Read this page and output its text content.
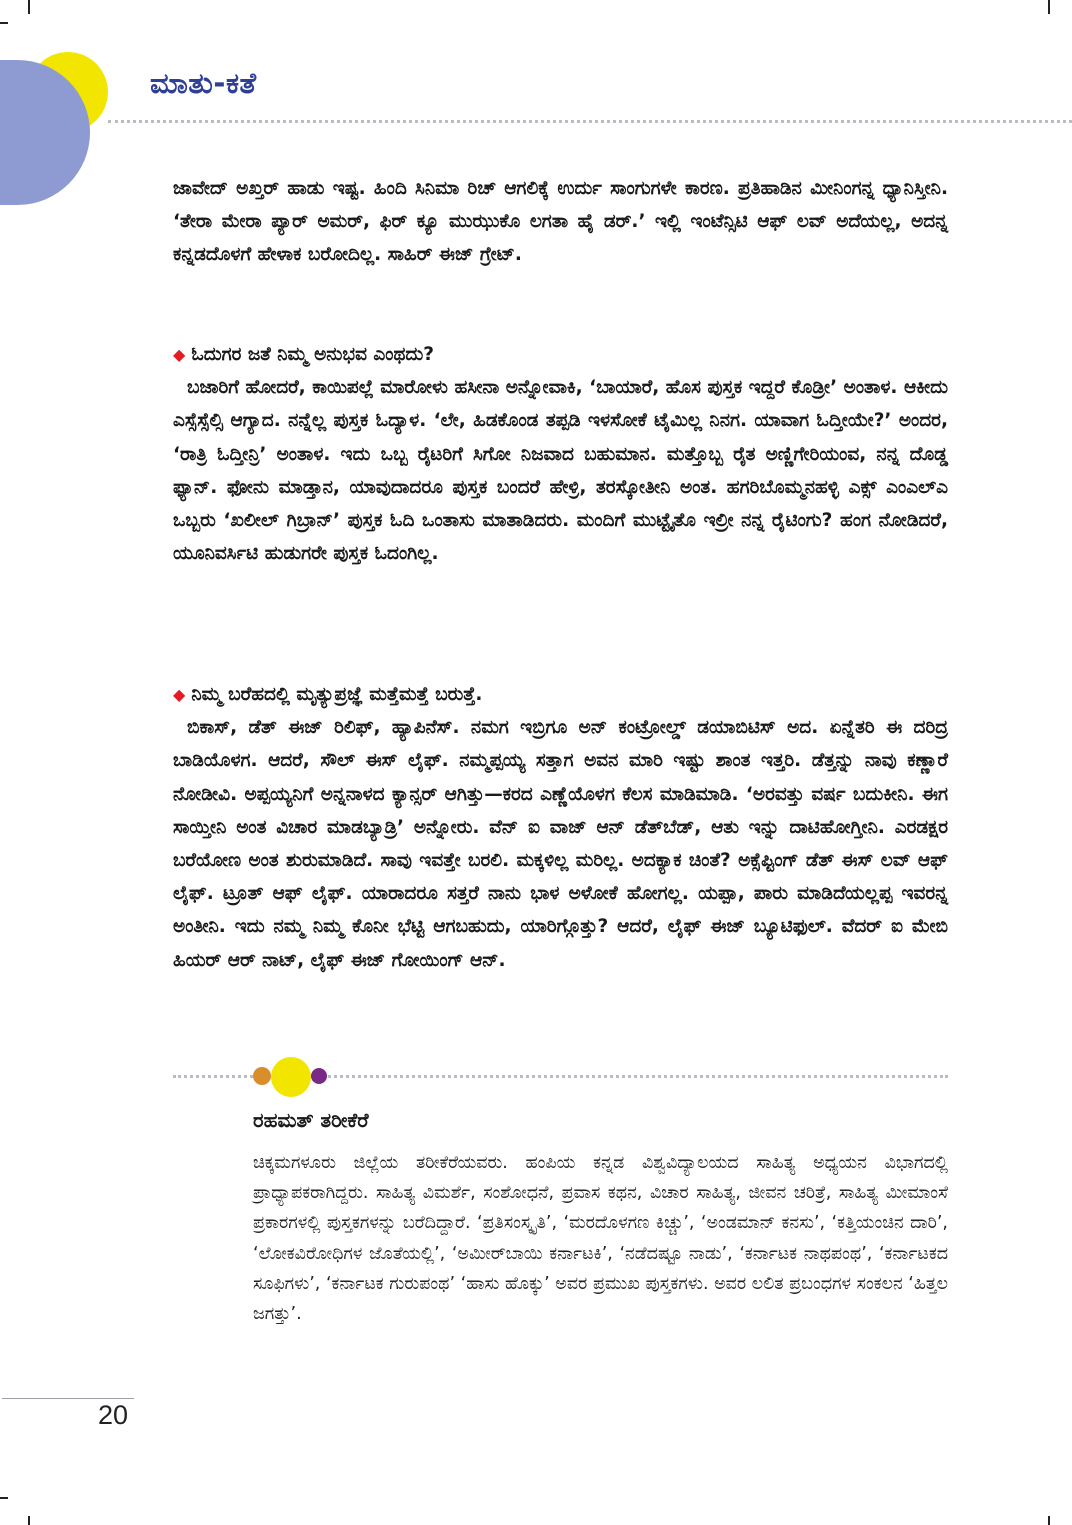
ಮಾತು-ಕತೆ
ಜಾವೇದ್ ಅಖ್ತರ್ ಹಾಡು ಇಷ್ಟ. ಹಿಂದಿ ಸಿನಿಮಾ ರಿಚ್ ಆಗಲಿಕ್ಕೆ ಉರ್ದು ಸಾಂಗುಗಳೇ ಕಾರಣ. ಪ್ರತಿಹಾಡಿನ ಮೀನಿಂಗನ್ನ ಧ್ಯಾನಿಸ್ತೀನಿ. ‘ತೇರಾ ಮೇರಾ ಪ್ಯಾರ್ ಅಮರ್, ಫಿರ್ ಕ್ಯೂ ಮುಝುಕೊ ಲಗತಾ ಹೈ ಡರ್.’ ಇಲ್ಲಿ ಇಂಟೆನ್ಸಿಟಿ ಆಫ್ ಲವ್ ಅದೆಯಲ್ಲ, ಅದನ್ನ ಕನ್ನಡದೊಳಗೆ ಹೇಳಾಕ ಬರೋದಿಲ್ಲ. ಸಾಹಿರ್ ಈಜ್ ಗ್ರೇಟ್.
◆ ಓದುಗರ ಜತೆ ನಿಮ್ಮ ಅನುಭವ ಎಂಥದು?
ಬಜಾರಿಗೆ ಹೋದರೆ, ಕಾಯಿಪಲ್ಲೆ ಮಾರೋಳು ಹಸೀನಾ ಅನ್ನೋವಾಕಿ, ‘ಬಾಯಾರೆ, ಹೊಸ ಪುಸ್ತಕ ಇದ್ದರೆ ಕೊಡ್ರೀ’ ಅಂತಾಳ. ಆಕೀದು ಎಸ್ಸೆಸ್ಸೆಲ್ಸಿ ಆಗ್ಯಾದ. ನನ್ನೆಲ್ಲ ಪುಸ್ತಕ ಓದ್ಯಾಳ. ‘ಲೇ, ಹಿಡಕೊಂಡ ತಪ್ಪಡಿ ಇಳಸೋಕೆ ಟೈಮಿಲ್ಲ ನಿನಗ. ಯಾವಾಗ ಓದ್ತೀಯೇ?’ ಅಂದರ, ‘ರಾತ್ರಿ ಓದ್ತೀನ್ರಿ’ ಅಂತಾಳ. ಇದು ಒಬ್ಬ ರೈಟರಿಗೆ ಸಿಗೋ ನಿಜವಾದ ಬಹುಮಾನ. ಮತ್ತೊಬ್ಬ ರೈತ ಅಣ್ಣಿಗೇರಿಯಂವ, ನನ್ನ ದೊಡ್ಡ ಫ್ಯಾನ್. ಫೋನು ಮಾಡ್ತಾನ, ಯಾವುದಾದರೂ ಪುಸ್ತಕ ಬಂದರೆ ಹೇಳ್ರಿ, ತರಸ್ಕೋತೀನಿ ಅಂತ. ಹಗರಿಬೊಮ್ಮನಹಳ್ಳಿ ಎಕ್ಸ್ ಎಂಎಲ್‌ಎ ಒಬ್ಬರು ‘ಖಲೀಲ್ ಗಿಬ್ರಾನ್’ ಪುಸ್ತಕ ಓದಿ ಒಂತಾಸು ಮಾತಾಡಿದರು. ಮಂದಿಗೆ ಮುಟ್ಟೈತೊ ಇಲ್ರೀ ನನ್ನ ರೈಟಿಂಗು? ಹಂಗ ನೋಡಿದರೆ, ಯೂನಿವರ್ಸಿಟಿ ಹುಡುಗರೇ ಪುಸ್ತಕ ಓದಂಗಿಲ್ಲ.
◆ ನಿಮ್ಮ ಬರೆಹದಲ್ಲಿ ಮೃತ್ಯುಪ್ರಜ್ಞೆ ಮತ್ತೆಮತ್ತೆ ಬರುತ್ತೆ.
ಬಿಕಾಸ್, ಡೆತ್ ಈಜ್ ರಿಲಿಫ್, ಹ್ಯಾಪಿನೆಸ್. ನಮಗ ಇಬ್ರಿಗೂ ಅನ್ ಕಂಟ್ರೋಲ್ಡ್ ಡಯಾಬಿಟಿಸ್ ಅದ. ಏನ್ನೆತರಿ ಈ ದರಿದ್ರ ಬಾಡಿಯೊಳಗ. ಆದರೆ, ಸೌಲ್ ಈಸ್ ಲೈಫ್. ನಮ್ಮಪ್ಪಯ್ಯ ಸತ್ತಾಗ ಅವನ ಮಾರಿ ಇಷ್ಟು ಶಾಂತ ಇತ್ತರಿ. ಡೆತ್ತನ್ನು ನಾವು ಕಣ್ಣಾರೆ ನೋಡೀವಿ. ಅಪ್ಪಯ್ಯನಿಗೆ ಅನ್ನನಾಳದ ಕ್ಯಾನ್ಸರ್ ಆಗಿತ್ತು—ಕರದ ಎಣ್ಣೆಯೊಳಗ ಕೆಲಸ ಮಾಡಿಮಾಡಿ. ‘ಅರವತ್ತು ವರ್ಷ ಬದುಕೀನಿ. ಈಗ ಸಾಯ್ತೀನಿ ಅಂತ ವಿಚಾರ ಮಾಡಬ್ಯಾಡ್ರಿ’ ಅನ್ನೋರು. ವೆನ್ ಐ ವಾಜ್ ಆನ್ ಡೆತ್‌ಬೆಡ್, ಆತು ಇನ್ನು ದಾಟಿಹೋಗ್ತೀನಿ. ಎರಡಕ್ಷರ ಬರೆಯೋಣ ಅಂತ ಶುರುಮಾಡಿದೆ. ಸಾವು ಇವತ್ತೇ ಬರಲಿ. ಮಕ್ಕಳಿಲ್ಲ ಮರಿಲ್ಲ. ಅದಕ್ಯಾಕ ಚಿಂತೆ? ಅಕ್ಸೆಪ್ಟಿಂಗ್ ಡೆತ್ ಈಸ್ ಲವ್ ಆಫ್ ಲೈಫ್. ಟ್ರೂತ್ ಆಫ್ ಲೈಫ್. ಯಾರಾದರೂ ಸತ್ತರೆ ನಾನು ಭಾಳ ಅಳೋಕೆ ಹೋಗಲ್ಲ. ಯಪ್ಪಾ, ಪಾರು ಮಾಡಿದೆಯಲ್ಲಪ್ಪ ಇವರನ್ನ ಅಂತೀನಿ. ಇದು ನಮ್ಮ ನಿಮ್ಮ ಕೊನೀ ಭೆಟ್ಟಿ ಆಗಬಹುದು, ಯಾರಿಗ್ಗೊತ್ತು? ಆದರೆ, ಲೈಫ್ ಈಜ್ ಬ್ಯೂಟಿಫುಲ್. ವೆದರ್ ಐ ಮೇಬಿ ಹಿಯರ್ ಆರ್ ನಾಟ್, ಲೈಫ್ ಈಜ್ ಗೋಯಿಂಗ್ ಆನ್.
ರಹಮತ್ ತರೀಕೆರೆ
ಚಿಕ್ಕಮಗಳೂರು ಜಿಲ್ಲೆಯ ತರೀಕೆರೆಯವರು. ಹಂಪಿಯ ಕನ್ನಡ ವಿಶ್ವವಿದ್ಯಾಲಯದ ಸಾಹಿತ್ಯ ಅಧ್ಯಯನ ವಿಭಾಗದಲ್ಲಿ ಪ್ರಾಧ್ಯಾಪಕರಾಗಿದ್ದರು. ಸಾಹಿತ್ಯ ವಿಮರ್ಶೆ, ಸಂಶೋಧನೆ, ಪ್ರವಾಸ ಕಥನ, ವಿಚಾರ ಸಾಹಿತ್ಯ, ಜೀವನ ಚರಿತ್ರೆ, ಸಾಹಿತ್ಯ ಮೀಮಾಂಸೆ ಪ್ರಕಾರಗಳಲ್ಲಿ ಪುಸ್ತಕಗಳನ್ನು ಬರೆದಿದ್ದಾರೆ. ‘ಪ್ರತಿಸಂಸ್ಕೃತಿ’, ‘ಮರದೊಳಗಣ ಕಿಚ್ಚು’, ‘ಅಂಡಮಾನ್ ಕನಸು’, ‘ಕತ್ತಿಯಂಚಿನ ದಾರಿ’, ‘ಲೋಕವಿರೋಧಿಗಳ ಜೊತೆಯಲ್ಲಿ’, ‘ಅಮೀರ್‌ಬಾಯಿ ಕರ್ನಾಟಕಿ’, ‘ನಡೆದಷ್ಟೂ ನಾಡು’, ‘ಕರ್ನಾಟಕ ನಾಥಪಂಥ’, ‘ಕರ್ನಾಟಕದ ಸೂಫಿಗಳು’, ‘ಕರ್ನಾಟಕ ಗುರುಪಂಥ’ ‘ಹಾಸು ಹೊಕ್ಕು’ ಅವರ ಪ್ರಮುಖ ಪುಸ್ತಕಗಳು. ಅವರ ಲಲಿತ ಪ್ರಬಂಧಗಳ ಸಂಕಲನ ‘ಹಿತ್ತಲ ಜಗತ್ತು’.
20
